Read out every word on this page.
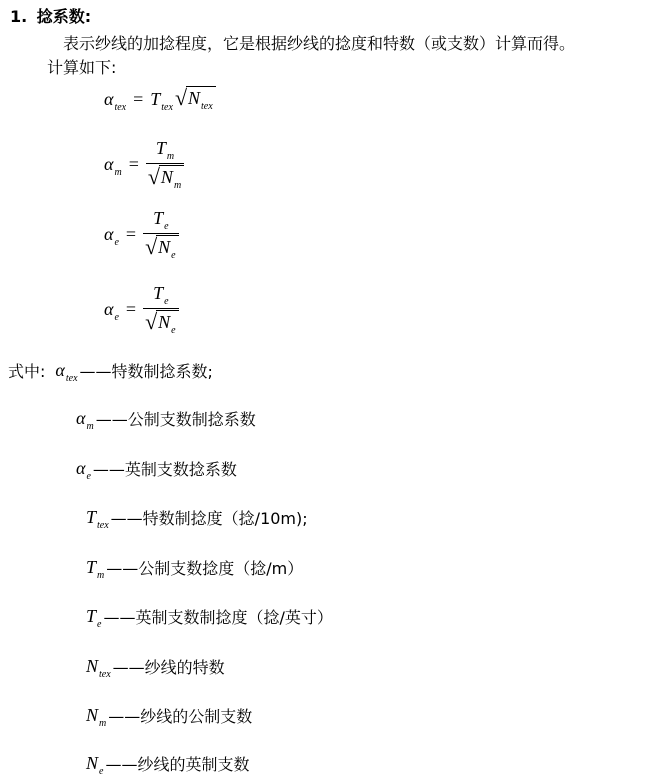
1. 捻系数:
表示纱线的加捻程度，它是根据纱线的捻度和特数（或支数）计算而得。
计算如下:
α tex = T tex √ N tex
α $m = \frac{\text{T m}}{\text{√ N m}}$
α $e = \frac{\text{T e}}{\text{√ N e}}$
α $e = \frac{\text{T e}}{\text{√ N e}}$
式中: α tex ——特数制捻系数;
α m ——公制支数制捻系数
α e ——英制支数捻系数
T tex ——特数制捻度（捻/10m);
T m ——公制支数捻度（捻/m）
T e ——英制支数制捻度（捻/英寸）
N tex ——纱线的特数
N m ——纱线的公制支数
N e ——纱线的英制支数
